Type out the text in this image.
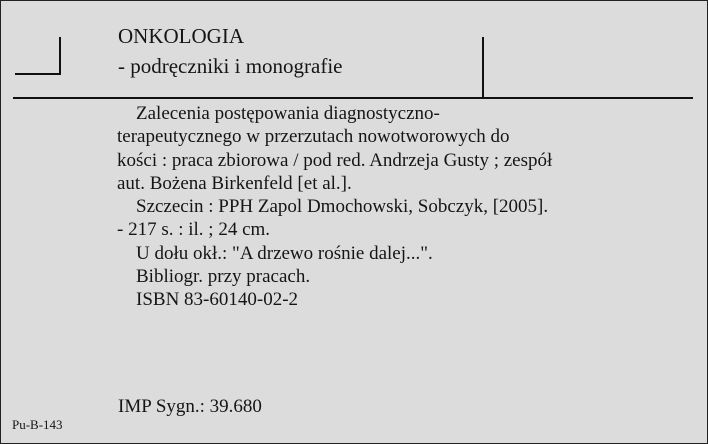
ONKOLOGIA
- podręczniki i monografie
Zalecenia postępowania diagnostyczno-
terapeutycznego w przerzutach nowotworowych do
kości : praca zbiorowa / pod red. Andrzeja Gusty ; zespół
aut. Bożena Birkenfeld [et al.].
Szczecin : PPH Zapol Dmochowski, Sobczyk, [2005].
- 217 s. : il. ; 24 cm.
U dołu okł.: "A drzewo rośnie dalej...".
Bibliogr. przy pracach.
ISBN 83-60140-02-2
IMP Sygn.: 39.680
Pu-B-143
